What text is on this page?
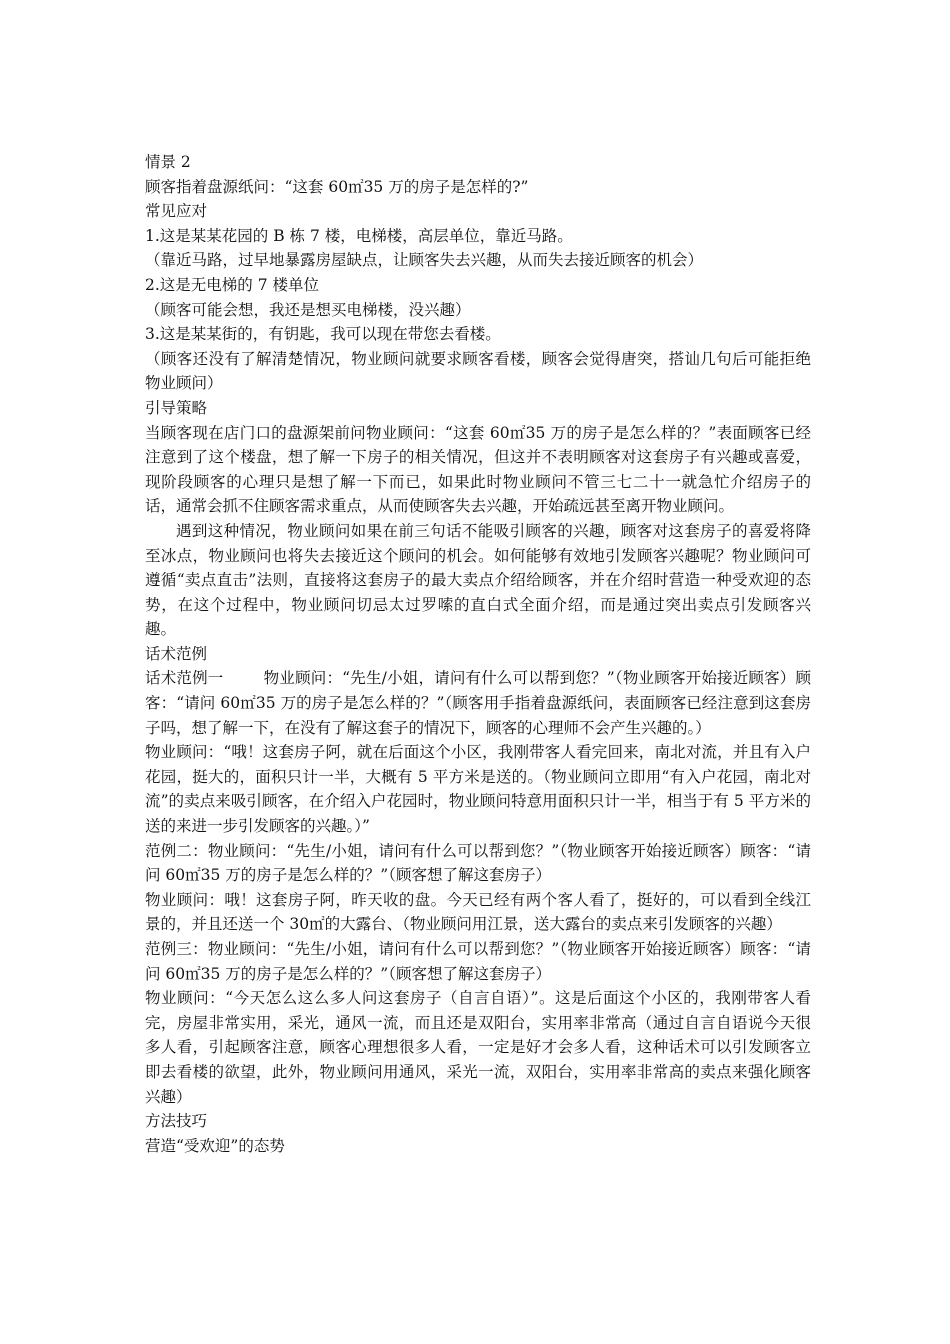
情景 2

顾客指着盘源纸问：“这套 60㎡35 万的房子是怎样的?”

常见应对

1.这是某某花园的 B 栋 7 楼，电梯楼，高层单位，靠近马路。

（靠近马路，过早地暴露房屋缺点，让顾客失去兴趣，从而失去接近顾客的机会）

2.这是无电梯的 7 楼单位

（顾客可能会想，我还是想买电梯楼，没兴趣）

3.这是某某街的，有钥匙，我可以现在带您去看楼。

（顾客还没有了解清楚情况，物业顾问就要求顾客看楼，顾客会觉得唐突，搭讪几句后可能拒绝物业顾问）

引导策略

当顾客现在店门口的盘源架前问物业顾问：“这套 60㎡35 万的房子是怎么样的？”表面顾客已经注意到了这个楼盘，想了解一下房子的相关情况，但这并不表明顾客对这套房子有兴趣或喜爱，现阶段顾客的心理只是想了解一下而已，如果此时物业顾问不管三七二十一就急忙介绍房子的话，通常会抓不住顾客需求重点，从而使顾客失去兴趣，开始疏远甚至离开物业顾问。

遇到这种情况，物业顾问如果在前三句话不能吸引顾客的兴趣，顾客对这套房子的喜爱将降至冰点，物业顾问也将失去接近这个顾问的机会。如何能够有效地引发顾客兴趣呢？物业顾问可遵循“卖点直击”法则，直接将这套房子的最大卖点介绍给顾客，并在介绍时营造一种受欢迎的态势，在这个过程中，物业顾问切忌太过罗嗦的直白式全面介绍，而是通过突出卖点引发顾客兴趣。

话术范例

话术范例一	物业顾问：“先生/小姐，请问有什么可以帮到您？”（物业顾客开始接近顾客）顾客：“请问 60㎡35 万的房子是怎么样的？”（顾客用手指着盘源纸问，表面顾客已经注意到这套房子吗，想了解一下，在没有了解这套子的情况下，顾客的心理师不会产生兴趣的。）

物业顾问：“哦！这套房子阿，就在后面这个小区，我刚带客人看完回来，南北对流，并且有入户花园，挺大的，面积只计一半，大概有 5 平方米是送的。（物业顾问立即用“有入户花园，南北对流”的卖点来吸引顾客，在介绍入户花园时，物业顾问特意用面积只计一半，相当于有 5 平方米的送的来进一步引发顾客的兴趣。）”

范例二：物业顾问：“先生/小姐，请问有什么可以帮到您？”（物业顾客开始接近顾客）顾客：“请问 60㎡35 万的房子是怎么样的？”（顾客想了解这套房子）

物业顾问：哦！这套房子阿，昨天收的盘。今天已经有两个客人看了，挺好的，可以看到全线江景的，并且还送一个 30㎡的大露台、（物业顾问用江景，送大露台的卖点来引发顾客的兴趣）

范例三：物业顾问：“先生/小姐，请问有什么可以帮到您？”（物业顾客开始接近顾客）顾客：“请问 60㎡35 万的房子是怎么样的？”（顾客想了解这套房子）

物业顾问：“今天怎么这么多人问这套房子（自言自语）”。这是后面这个小区的，我刚带客人看完，房屋非常实用，采光，通风一流，而且还是双阳台，实用率非常高（通过自言自语说今天很多人看，引起顾客注意，顾客心理想很多人看，一定是好才会多人看，这种话术可以引发顾客立即去看楼的欲望，此外，物业顾问用通风，采光一流，双阳台，实用率非常高的卖点来强化顾客兴趣）

方法技巧

营造“受欢迎”的态势
